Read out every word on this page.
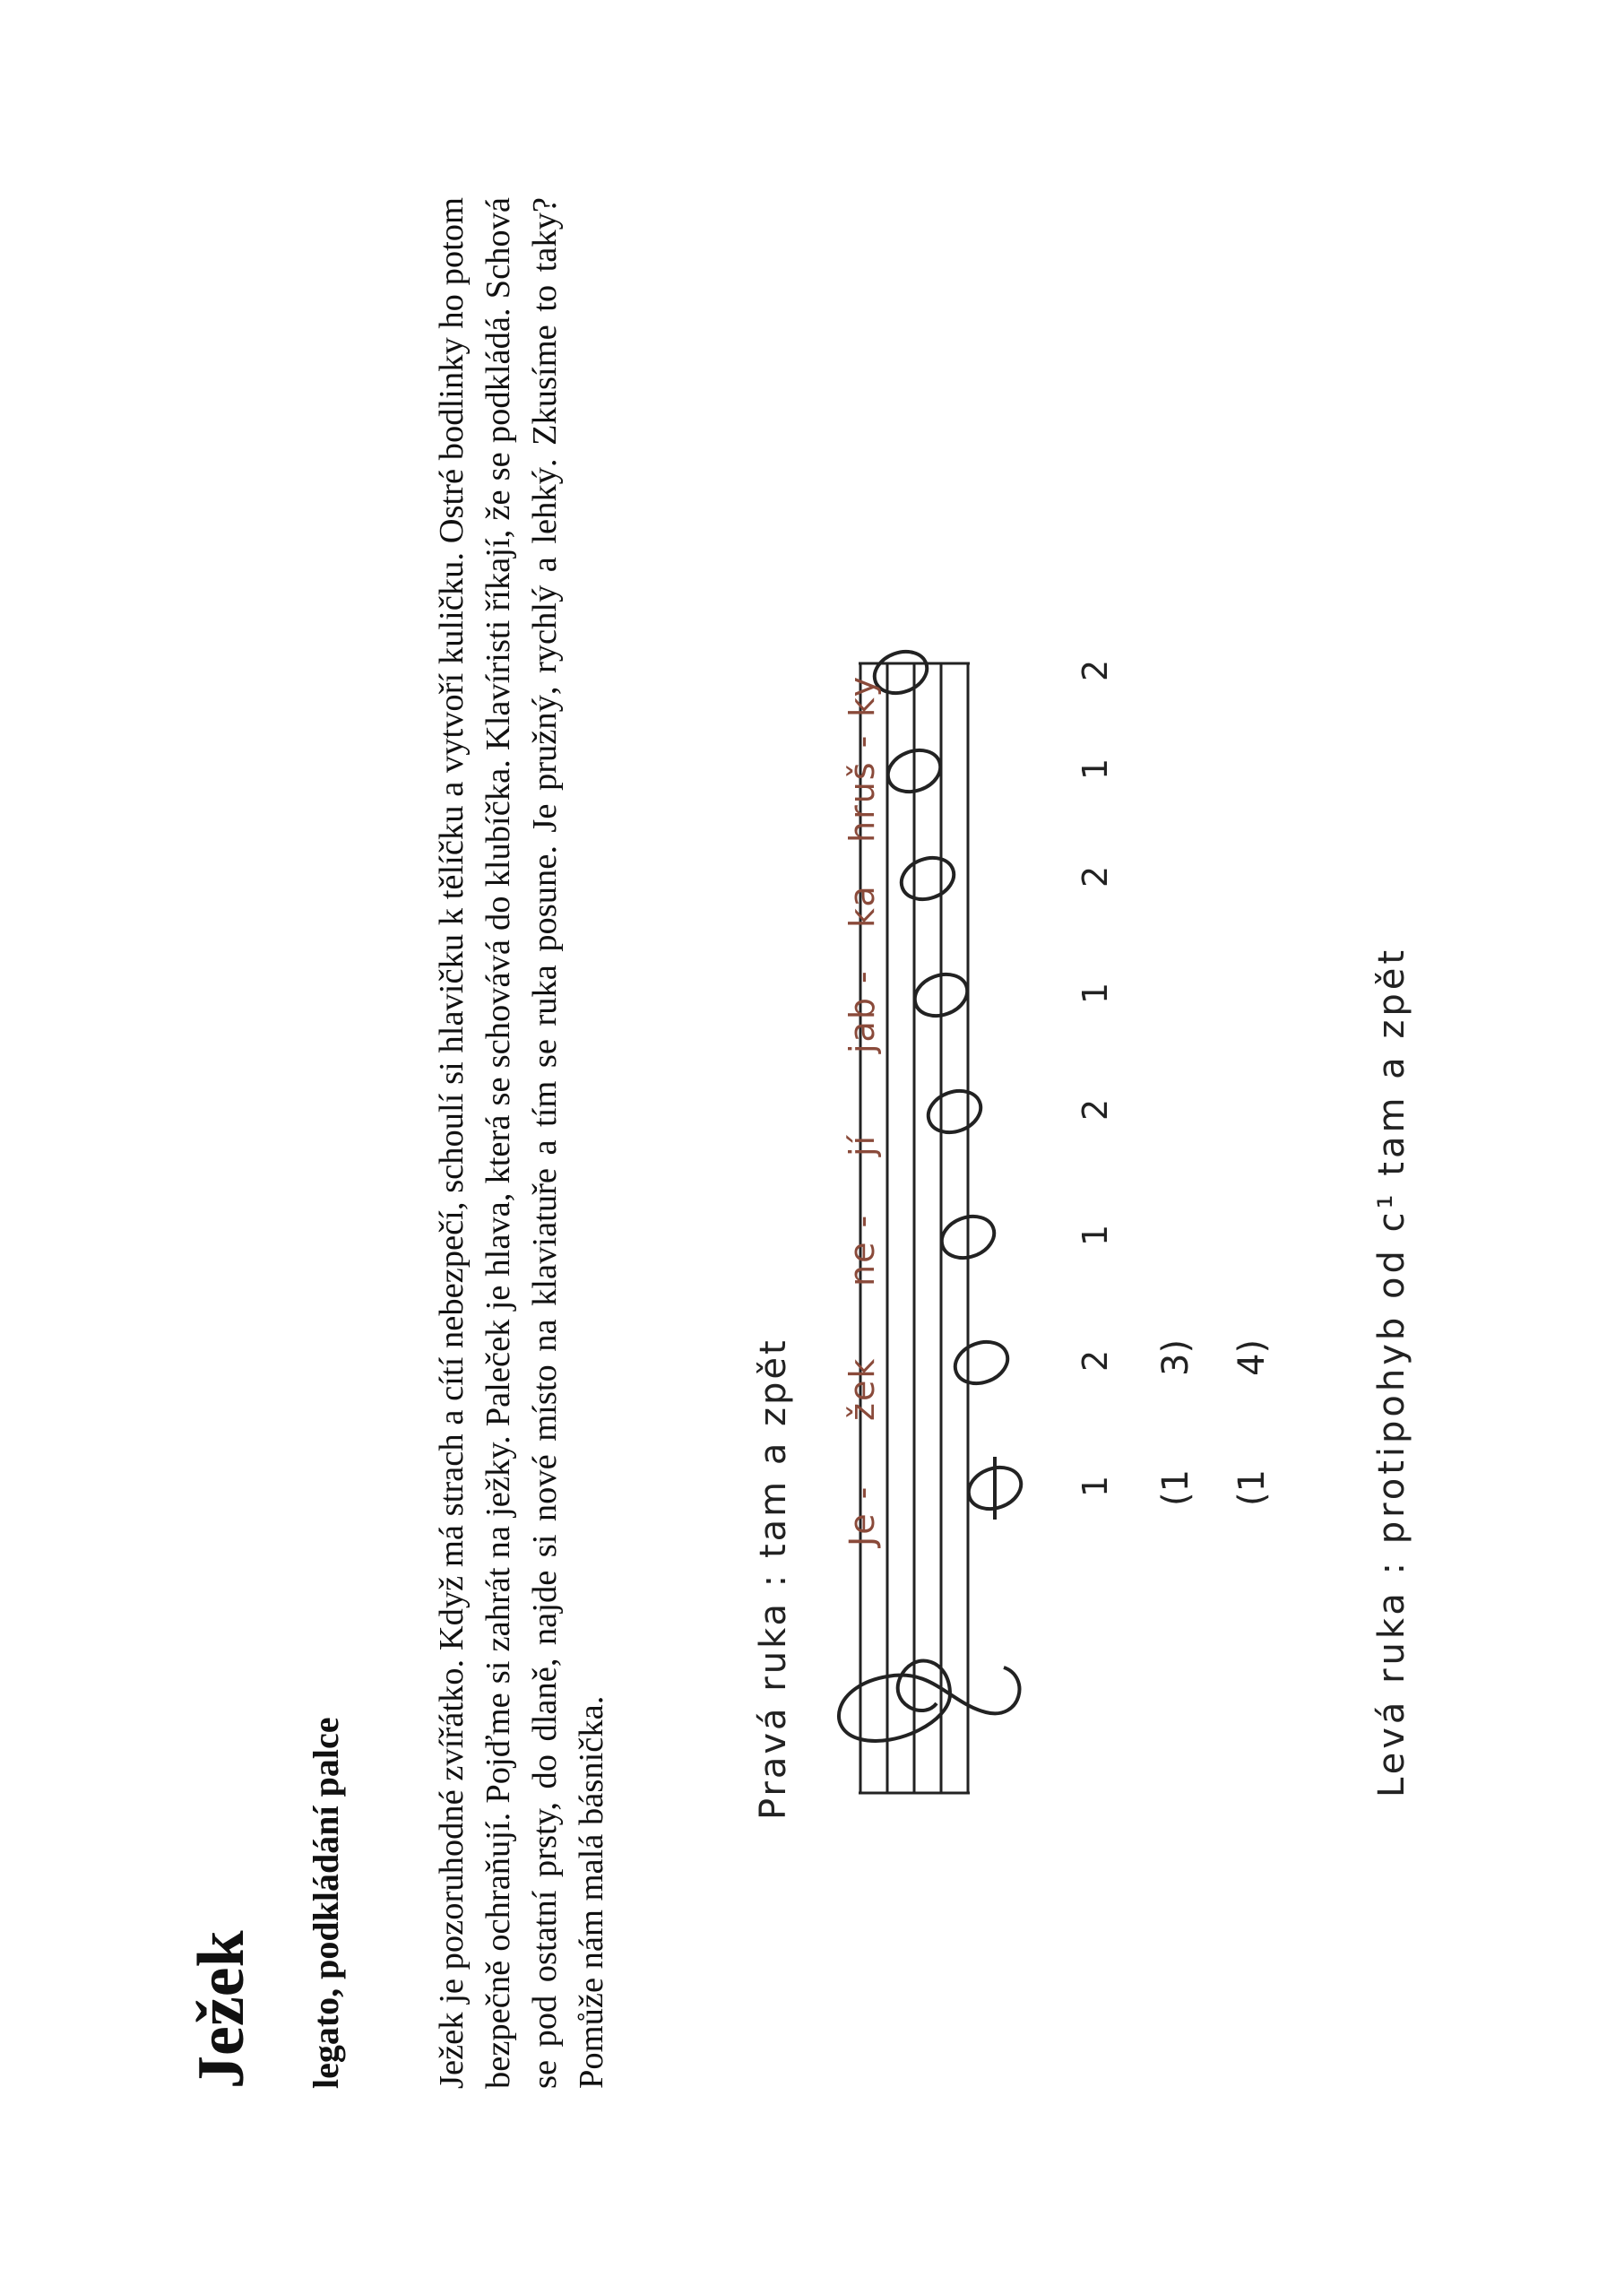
Ježek legato, podkládání palce	Ježek je pozoruhodné zvířátko. Když má strach a cítí nebezpečí, schoulí si hlavičku k tělíčku a vytvoří kuličku. Ostré bodlinky ho potom bezpečně ochraňují. Pojďme si zahrát na ježky. Paleček je hlava, která se schovává do klubíčka. Klavíristi říkají, že se podkládá. Schová se pod ostatní prsty, do dlaně, najde si nové místo na klaviatuře a tím se ruka posune. Je pružný, rychlý a lehký. Zkusíme to taky? Pomůže nám malá básnička.

Pravá ruka : tam a zpět Je -
žek
ne -
jí
jab -
ka
hruš -
ky
1
2
1
2
1
2
1
2
(1
3)
(1
4)	Levá ruka : protipohyb od c¹ tam a zpět
